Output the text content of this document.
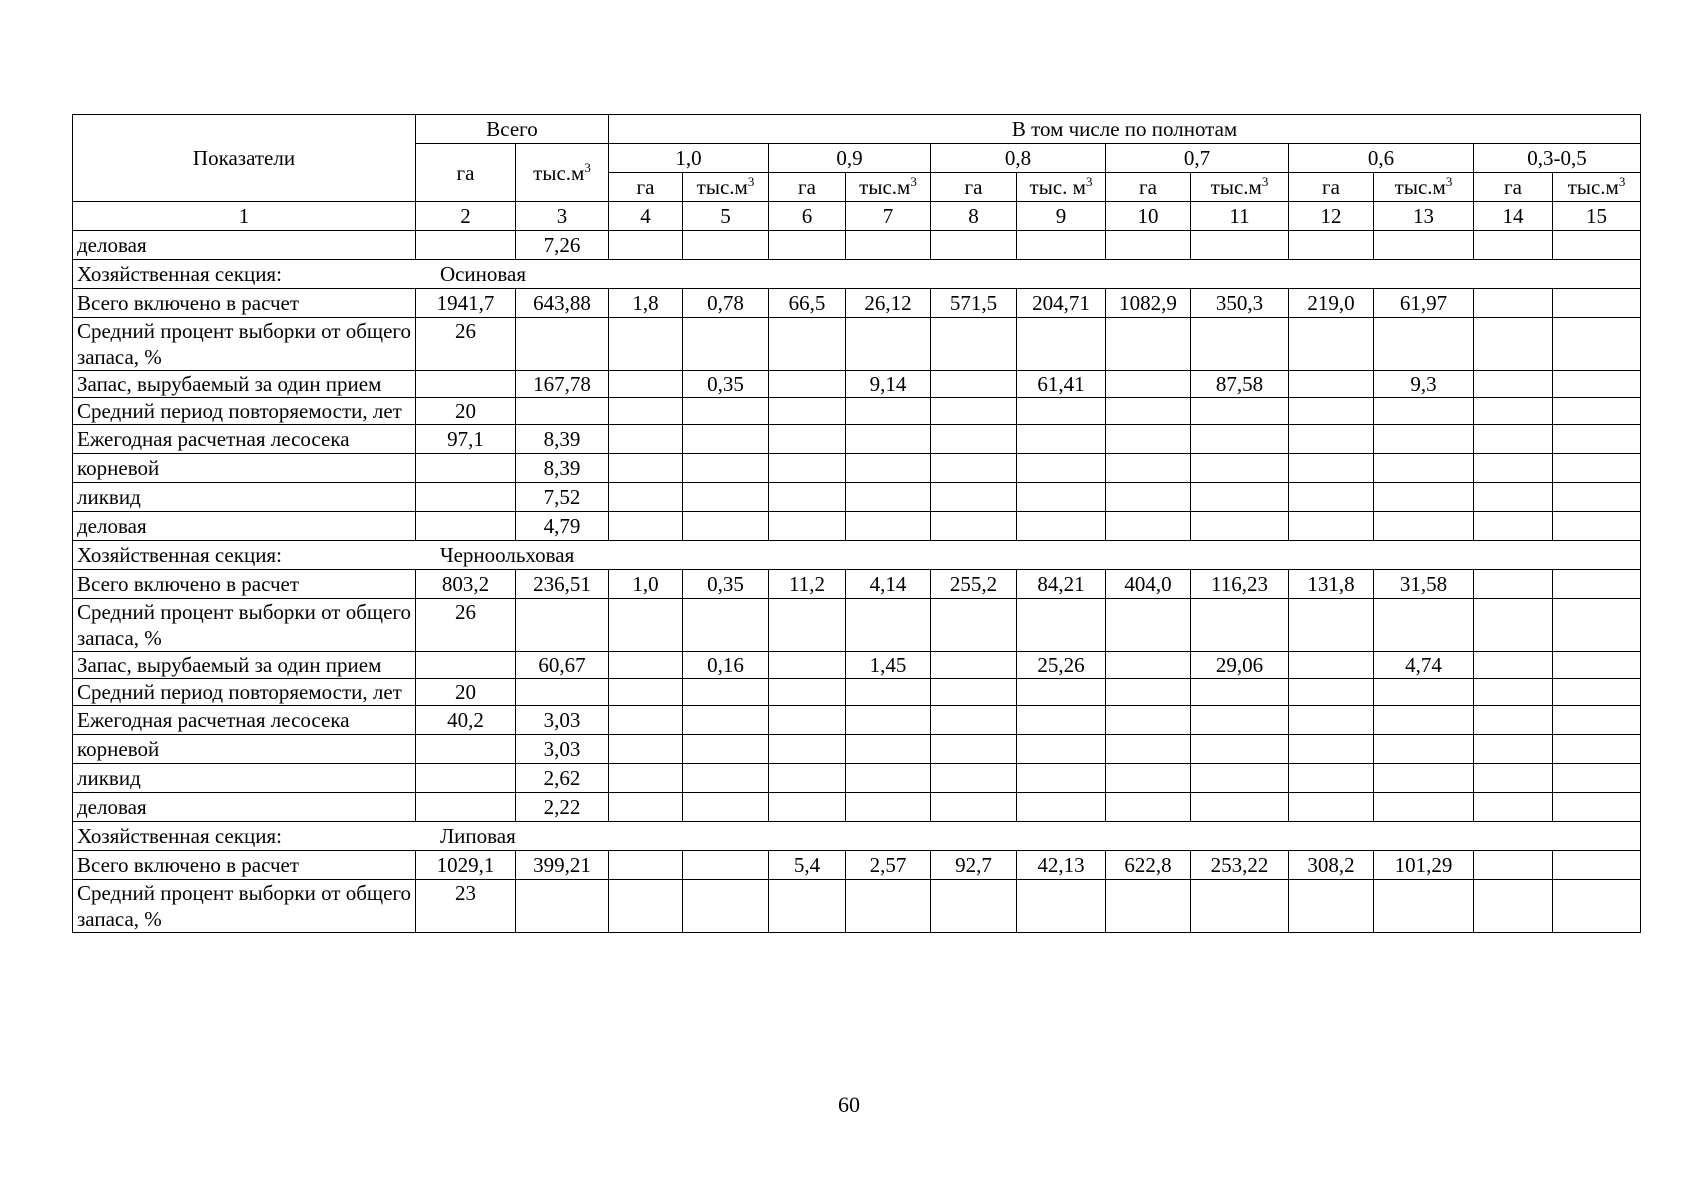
Показатели	Всего		В том числе по полнотам											
	га	$тыс.м^3$	1,0		0,9		0,8		0,7		0,6		0,3-0,5	
			га	$тыс.м^3$	га	$тыс.м^3$	га	тыс. $м^3$	га	$тыс.м^3$	га	$тыс.м^3$	га	$тыс.м^3$
1	2	3	4	5	6	7	8	9	10	11	12	13	14	15
деловая		7,26												
Хозяйственная секция: Осиновая														
Всего включено в расчет	1941,7	643,88	1,8	0,78	66,5	26,12	571,5	204,71	1082,9	350,3	219,0	61,97		
Средний процент выборки от общего запаса, %	26													
Запас, вырубаемый за один прием		167,78		0,35		9,14		61,41		87,58		9,3		
Средний период повторяемости, лет	20													
Ежегодная расчетная лесосека	97,1	8,39												
корневой		8,39												
ликвид		7,52												
деловая		4,79												
Хозяйственная секция: Черноольховая														
Всего включено в расчет	803,2	236,51	1,0	0,35	11,2	4,14	255,2	84,21	404,0	116,23	131,8	31,58		
Средний процент выборки от общего запаса, %	26													
Запас, вырубаемый за один прием		60,67		0,16		1,45		25,26		29,06		4,74		
Средний период повторяемости, лет	20													
Ежегодная расчетная лесосека	40,2	3,03												
корневой		3,03												
ликвид		2,62												
деловая		2,22												
Хозяйственная секция: Липовая														
Всего включено в расчет	1029,1	399,21			5,4	2,57	92,7	42,13	622,8	253,22	308,2	101,29		
Средний процент выборки от общего запаса, %	23													
60
